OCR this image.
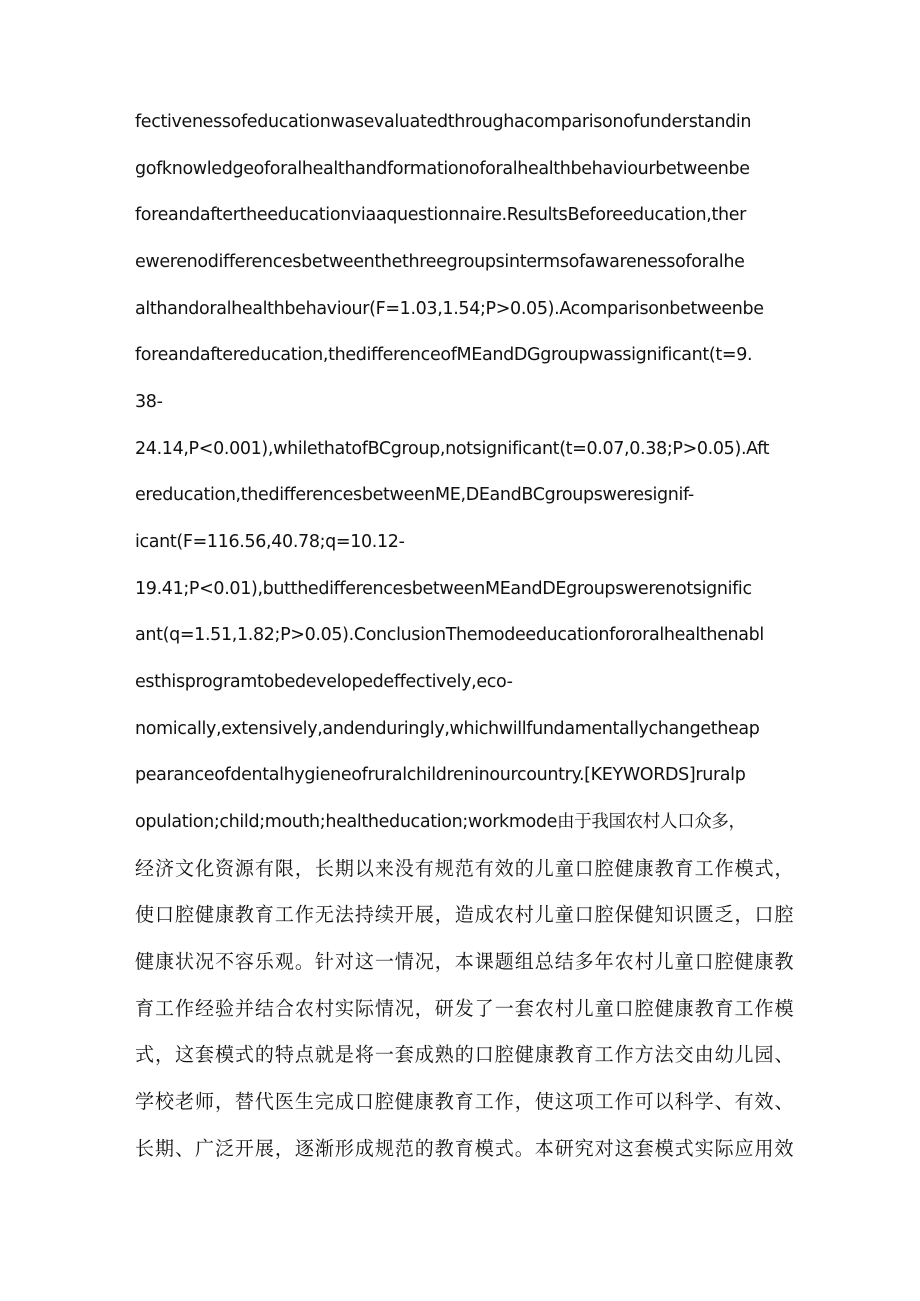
fectivenessofeducationwasevaluatedthroughacomparisonofunderstandin
gofknowledgeoforalhealthandformationoforalhealthbehaviourbetweenbe
foreandaftertheeducationviaaquestionnaire.ResultsBeforeeducation,ther
ewerenodifferencesbetweenthethreegroupsintermsofawarenessoforalhe
althandoralhealthbehaviour(F=1.03,1.54;P>0.05).Acomparisonbetweenbe
foreandaftereducation,thedifferenceofMEandDGgroupwassignificant(t=9.
38-
24.14,P<0.001),whilethatofBCgroup,notsignificant(t=0.07,0.38;P>0.05).Aft
ereducation,thedifferencesbetweenME,DEandBCgroupsweresignif-
icant(F=116.56,40.78;q=10.12-
19.41;P<0.01),butthedifferencesbetweenMEandDEgroupswerenotsignific
ant(q=1.51,1.82;P>0.05).ConclusionThemodeeducationfororalhealthenabl
esthisprogramtobedevelopedeffectively,eco-
nomically,extensively,andenduringly,whichwillfundamentallychangetheap
pearanceofdentalhygieneofruralchildreninourcountry.[KEYWORDS]ruralp
opulation;child;mouth;healtheducation;workmode由于我国农村人口众多，
经济文化资源有限，长期以来没有规范有效的儿童口腔健康教育工作模式，
使口腔健康教育工作无法持续开展，造成农村儿童口腔保健知识匮乏，口腔
健康状况不容乐观。针对这一情况，本课题组总结多年农村儿童口腔健康教
育工作经验并结合农村实际情况，研发了一套农村儿童口腔健康教育工作模
式，这套模式的特点就是将一套成熟的口腔健康教育工作方法交由幼儿园、
学校老师，替代医生完成口腔健康教育工作，使这项工作可以科学、有效、
长期、广泛开展，逐渐形成规范的教育模式。本研究对这套模式实际应用效
